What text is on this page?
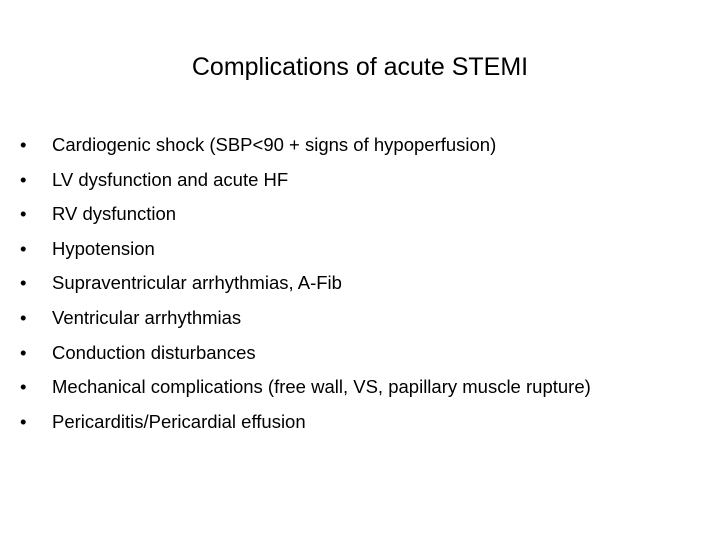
Complications of acute STEMI
•	Cardiogenic shock (SBP<90 + signs of hypoperfusion)
•	LV dysfunction and acute HF
•	RV dysfunction
•	Hypotension
•	Supraventricular arrhythmias, A-Fib
•	Ventricular arrhythmias
•	Conduction disturbances
•	Mechanical complications (free wall, VS, papillary muscle rupture)
•	Pericarditis/Pericardial effusion
